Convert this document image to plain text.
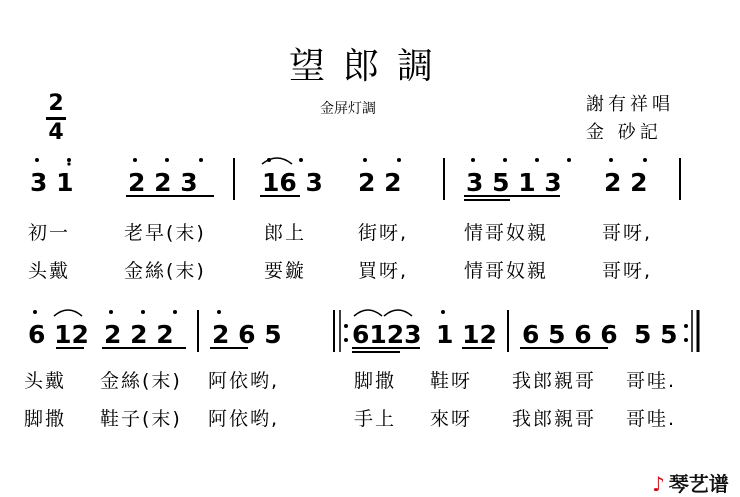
望郎調
金屏灯調	謝有祥唱
金 砂記
2
4
3 1 2 2 3	16 3 2 2	3 5 1 3 2 2
初一	老早(末)	郎上	街呀,	情哥奴親	哥呀,
头戴	金絲(末)	要鏇	買呀,	情哥奴親	哥呀,
6 12 2 2 2 2 6 5	6123 1 12 6 5 6 6 5 5
头戴 金絲(末) 阿依哟,	脚撒 鞋呀 我郎親哥 哥哇.
脚撒 鞋子(末) 阿依哟,	手上 來呀 我郎親哥 哥哇.
♪ 琴艺谱
